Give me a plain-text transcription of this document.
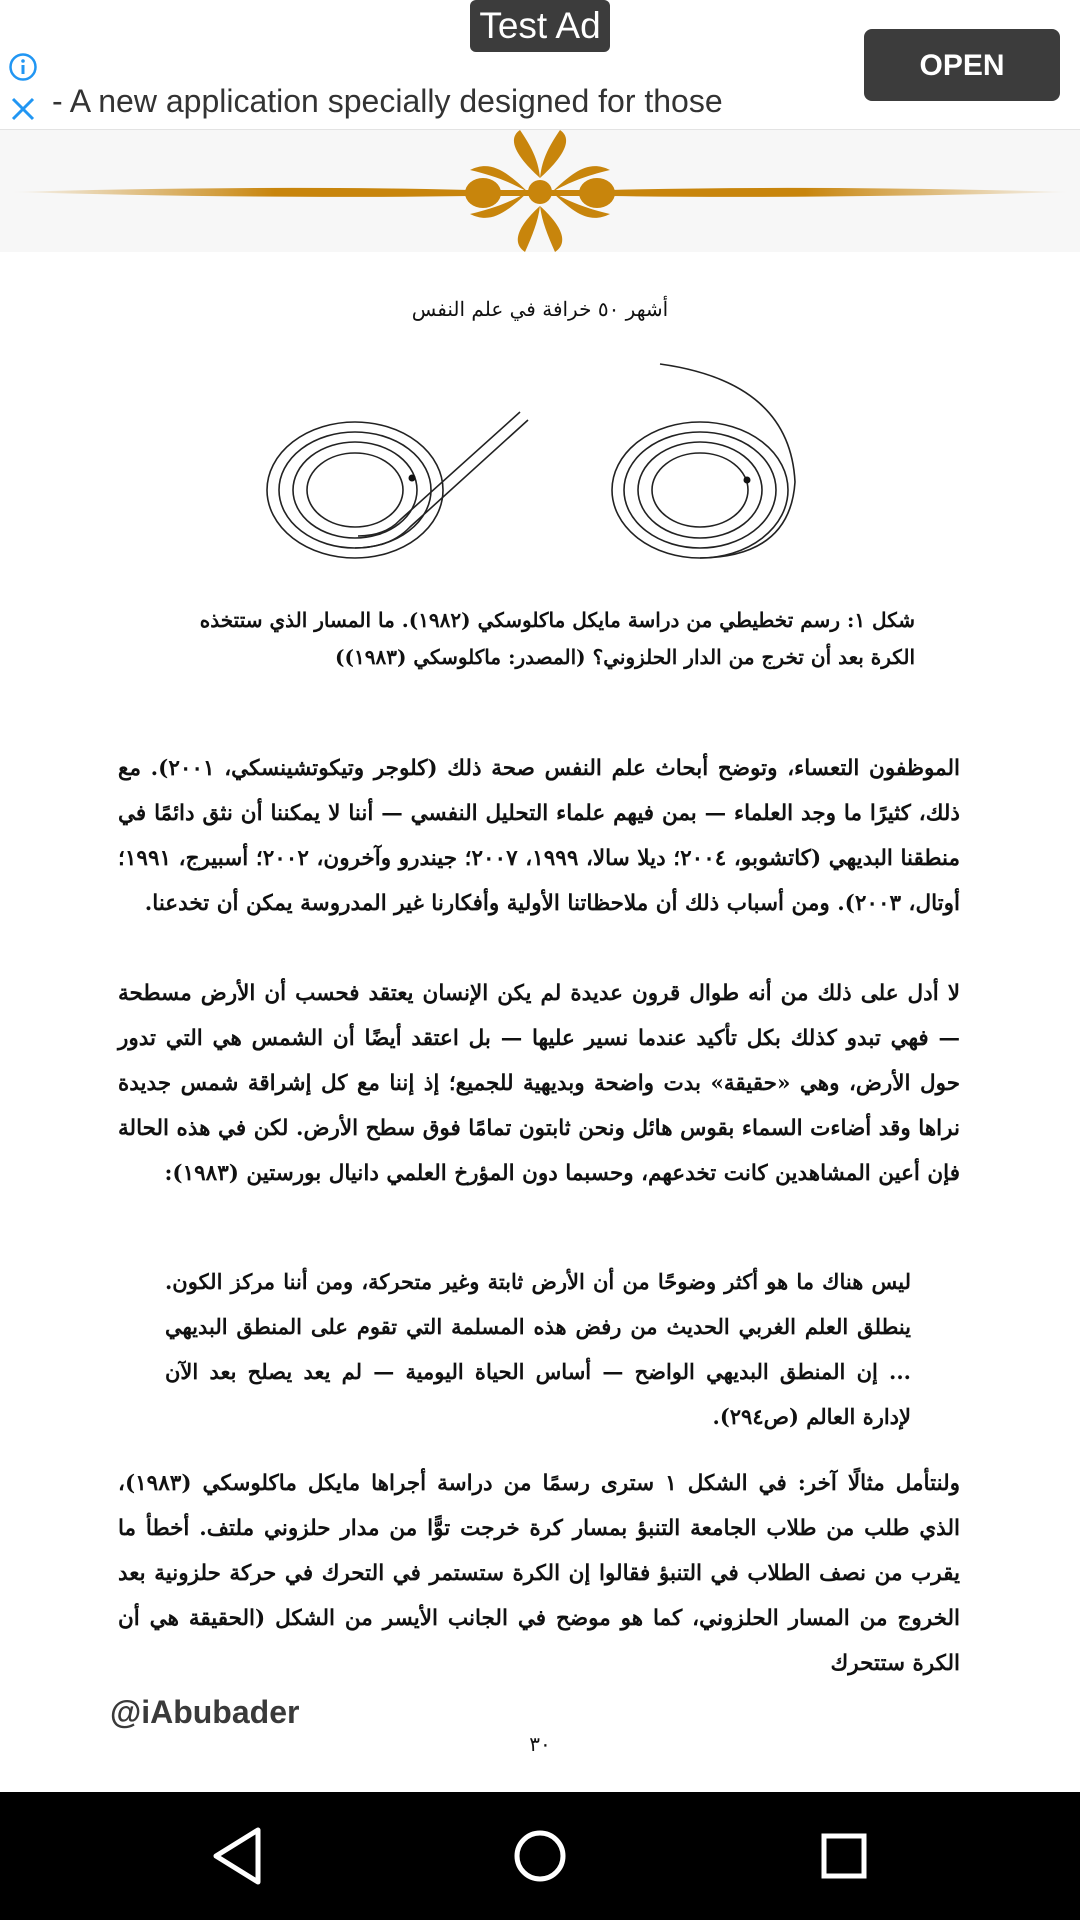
Test Ad
- A new application specially designed for those
OPEN
أشهر ٥٠ خرافة في علم النفس
شكل ١: رسم تخطيطي من دراسة مايكل ماكلوسكي (١٩٨٢). ما المسار الذي ستتخذه الكرة بعد أن تخرج من الدار الحلزوني؟ (المصدر: ماكلوسكي (١٩٨٣))
الموظفون التعساء، وتوضح أبحاث علم النفس صحة ذلك (كلوجر وتيكوتشينسكي، ٢٠٠١). مع ذلك، كثيرًا ما وجد العلماء — بمن فيهم علماء التحليل النفسي — أننا لا يمكننا أن نثق دائمًا في منطقنا البديهي (كاتشوبو، ٢٠٠٤؛ ديلا سالا، ١٩٩٩، ٢٠٠٧؛ جيندرو وآخرون، ٢٠٠٢؛ أسبيرج، ١٩٩١؛ أوتال، ٢٠٠٣). ومن أسباب ذلك أن ملاحظاتنا الأولية وأفكارنا غير المدروسة يمكن أن تخدعنا.
لا أدل على ذلك من أنه طوال قرون عديدة لم يكن الإنسان يعتقد فحسب أن الأرض مسطحة — فهي تبدو كذلك بكل تأكيد عندما نسير عليها — بل اعتقد أيضًا أن الشمس هي التي تدور حول الأرض، وهي «حقيقة» بدت واضحة وبديهية للجميع؛ إذ إننا مع كل إشراقة شمس جديدة نراها وقد أضاءت السماء بقوس هائل ونحن ثابتون تمامًا فوق سطح الأرض. لكن في هذه الحالة فإن أعين المشاهدين كانت تخدعهم، وحسبما دون المؤرخ العلمي دانيال بورستين (١٩٨٣):
ليس هناك ما هو أكثر وضوحًا من أن الأرض ثابتة وغير متحركة، ومن أننا مركز الكون. ينطلق العلم الغربي الحديث من رفض هذه المسلمة التي تقوم على المنطق البديهي ... إن المنطق البديهي الواضح — أساس الحياة اليومية — لم يعد يصلح بعد الآن لإدارة العالم (ص٢٩٤).
ولنتأمل مثالًا آخر: في الشكل ١ سترى رسمًا من دراسة أجراها مايكل ماكلوسكي (١٩٨٣)، الذي طلب من طلاب الجامعة التنبؤ بمسار كرة خرجت توًّا من مدار حلزوني ملتف. أخطأ ما يقرب من نصف الطلاب في التنبؤ فقالوا إن الكرة ستستمر في التحرك في حركة حلزونية بعد الخروج من المسار الحلزوني، كما هو موضح في الجانب الأيسر من الشكل (الحقيقة هي أن الكرة ستتحرك
@iAbubader
٣٠
